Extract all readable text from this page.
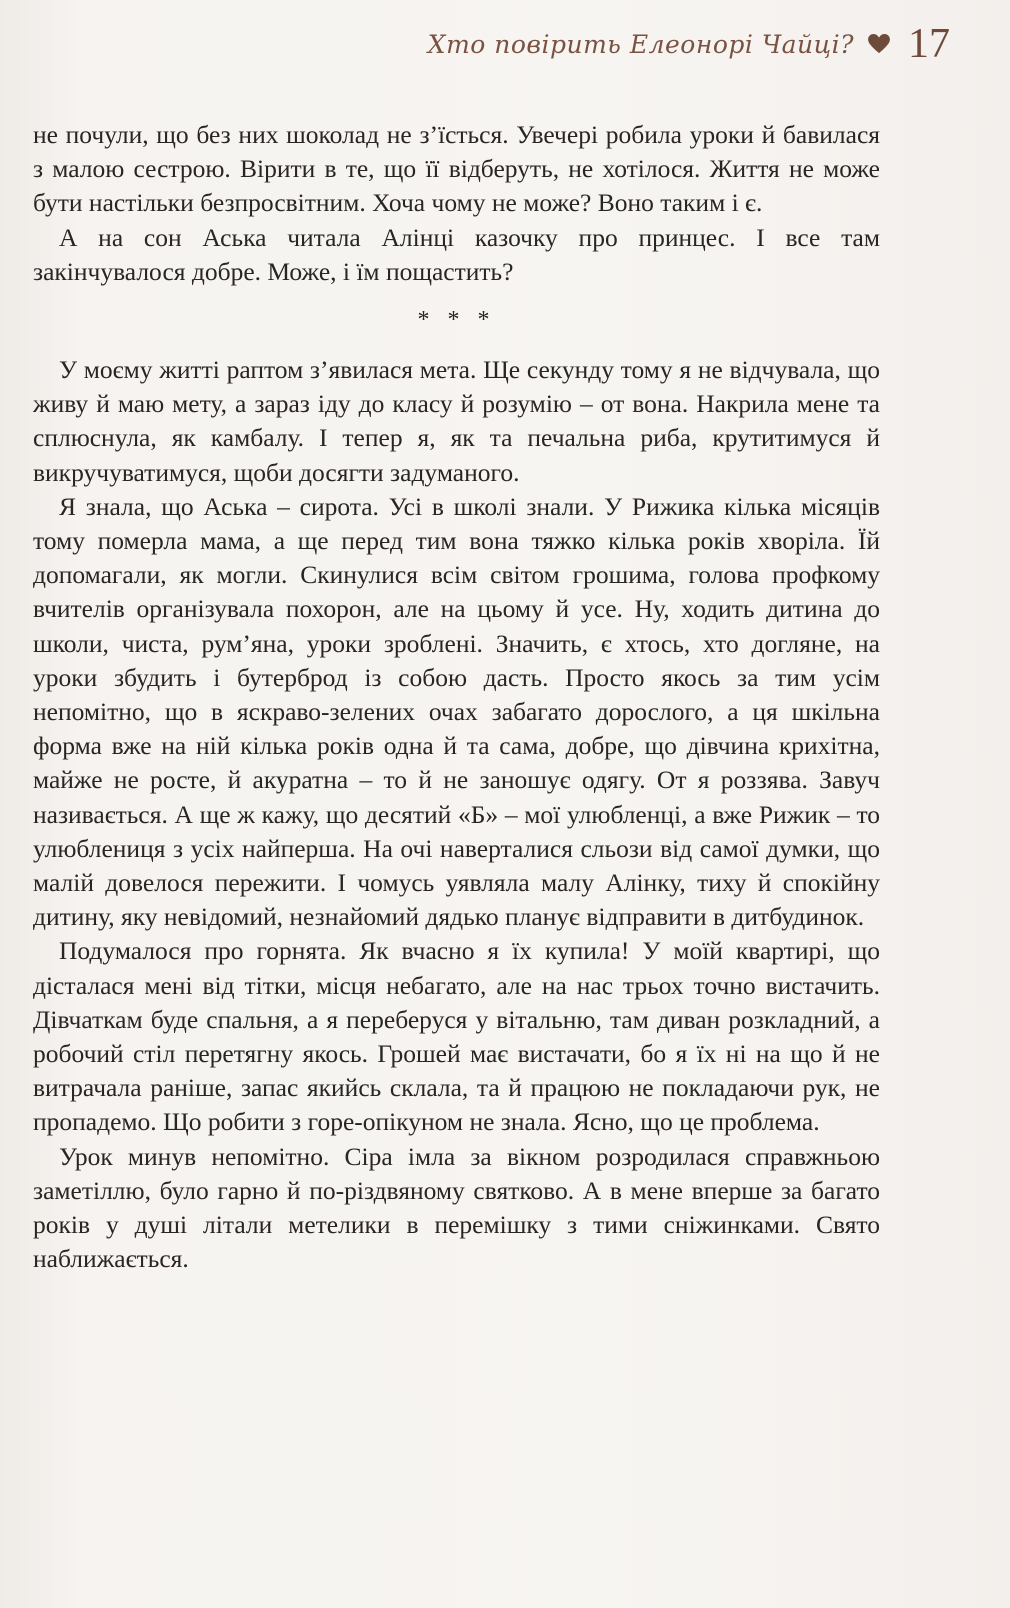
Хто повірить Елеонорі Чайці? 17

не почули, що без них шоколад не з’їсться. Увечері робила уроки й бавилася з малою сестрою. Вірити в те, що її відберуть, не хотілося. Життя не може бути настільки безпросвітним. Хоча чому не може? Воно таким і є.

А на сон Аська читала Алінці казочку про принцес. І все там закінчувалося добре. Може, і їм пощастить?

* * *

У моєму житті раптом з’явилася мета. Ще секунду тому я не відчувала, що живу й маю мету, а зараз іду до класу й розумію – от вона. Накрила мене та сплюснула, як камбалу. І тепер я, як та печальна риба, крутитимуся й викручуватимуся, щоби досягти задуманого.

Я знала, що Аська – сирота. Усі в школі знали. У Рижика кілька місяців тому померла мама, а ще перед тим вона тяжко кілька років хворіла. Їй допомагали, як могли. Скинулися всім світом грошима, голова профкому вчителів організувала похорон, але на цьому й усе. Ну, ходить дитина до школи, чиста, рум’яна, уроки зроблені. Значить, є хтось, хто догляне, на уроки збудить і бутерброд із собою дасть. Просто якось за тим усім непомітно, що в яскраво-зелених очах забагато дорослого, а ця шкільна форма вже на ній кілька років одна й та сама, добре, що дівчина крихітна, майже не росте, й акуратна – то й не заношує одягу. От я роззява. Завуч називається. А ще ж кажу, що десятий «Б» – мої улюбленці, а вже Рижик – то улюблениця з усіх найперша. На очі наверталися сльози від самої думки, що малій довелося пережити. І чомусь уявляла малу Алінку, тиху й спокійну дитину, яку невідомий, незнайомий дядько планує відправити в дитбудинок.

Подумалося про горнята. Як вчасно я їх купила! У моїй квартирі, що дісталася мені від тітки, місця небагато, але на нас трьох точно вистачить. Дівчаткам буде спальня, а я переберуся у вітальню, там диван розкладний, а робочий стіл перетягну якось. Грошей має вистачати, бо я їх ні на що й не витрачала раніше, запас якийсь склала, та й працюю не покладаючи рук, не пропадемо. Що робити з горе-опікуном не знала. Ясно, що це проблема.

Урок минув непомітно. Сіра імла за вікном розродилася справжньою заметіллю, було гарно й по-різдвяному святково. А в мене вперше за багато років у душі літали метелики в перемішку з тими сніжинками. Свято наближається.
